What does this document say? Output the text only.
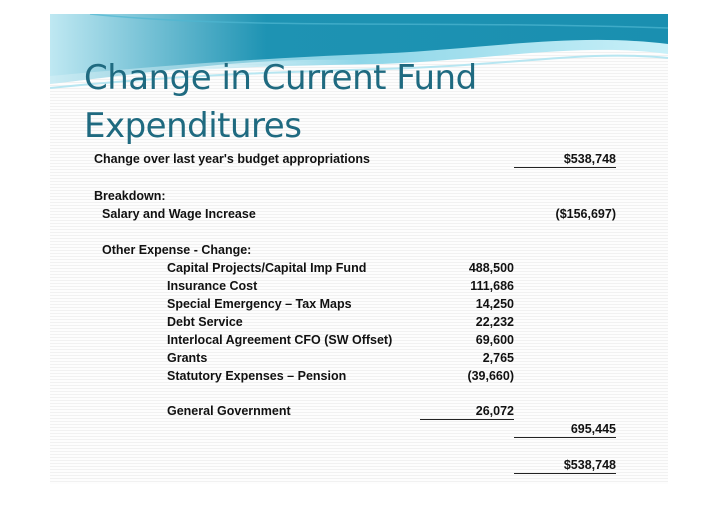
Change in Current Fund
Expenditures
Change over last year's budget appropriations	$538,748
Breakdown:
Salary and Wage Increase	($156,697)
Other Expense - Change:
Capital Projects/Capital Imp Fund	488,500
Insurance Cost	111,686
Special Emergency – Tax Maps	14,250
Debt Service	22,232
Interlocal Agreement CFO (SW Offset)	69,600
Grants	2,765
Statutory Expenses – Pension	(39,660)
General Government	26,072
695,445
$538,748
